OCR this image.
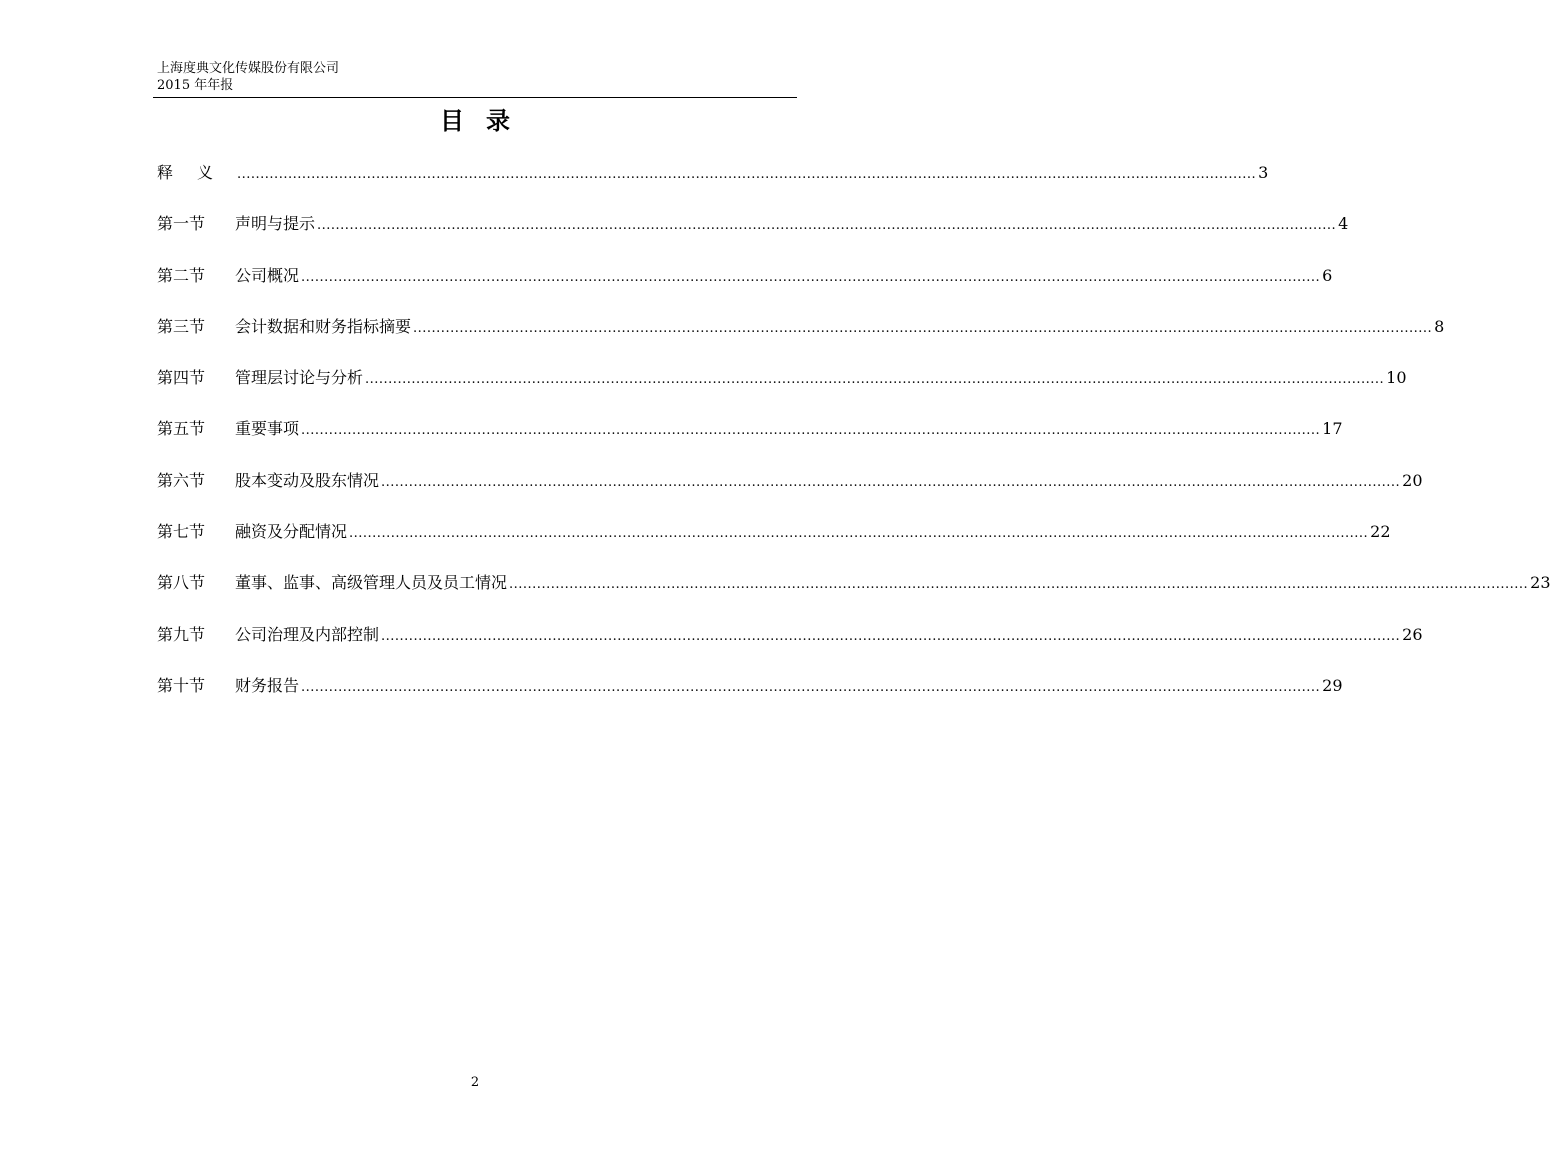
上海度典文化传媒股份有限公司
2015 年年报
目录
释义 ............................................................................................................................................................................................................................ 3
第一节	声明与提示 ............................................................................................................................................................................................................................ 4
第二节	公司概况 ............................................................................................................................................................................................................................ 6
第三节	会计数据和财务指标摘要 ............................................................................................................................................................................................................................ 8
第四节	管理层讨论与分析 ............................................................................................................................................................................................................................ 10
第五节	重要事项 ............................................................................................................................................................................................................................ 17
第六节	股本变动及股东情况 ............................................................................................................................................................................................................................ 20
第七节	融资及分配情况 ............................................................................................................................................................................................................................ 22
第八节	董事、监事、高级管理人员及员工情况 ............................................................................................................................................................................................................................ 23
第九节	公司治理及内部控制 ............................................................................................................................................................................................................................ 26
第十节	财务报告 ............................................................................................................................................................................................................................ 29
2
